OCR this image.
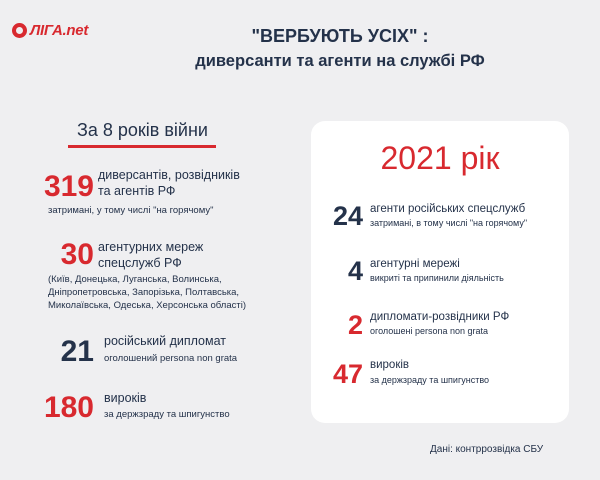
ЛIГА.net	"ВЕРБУЮТЬ УСІХ" :
диверсанти та агенти на службі РФ
За 8 років війни
319 диверсантів, розвідників
та агентів РФ
затримані, у тому числі "на горячому"
30 агентурних мереж
спецслужб РФ
(Київ, Донецька, Луганська, Волинська,
Дніпропетровська, Запорізька, Полтавська,
Миколаївська, Одеська, Херсонська області)
21 російський дипломат
оголошений persona non grata
180 вироків
за держзраду та шпигунство
2021 рік
24 агенти російських спецслужб
затримані, в тому числі "на горячому"
4 агентурні мережі
викриті та припинили діяльність
2 дипломати-розвідники РФ
оголошені persona non grata
47 вироків
за держзраду та шпигунство
Дані: контррозвідка СБУ
